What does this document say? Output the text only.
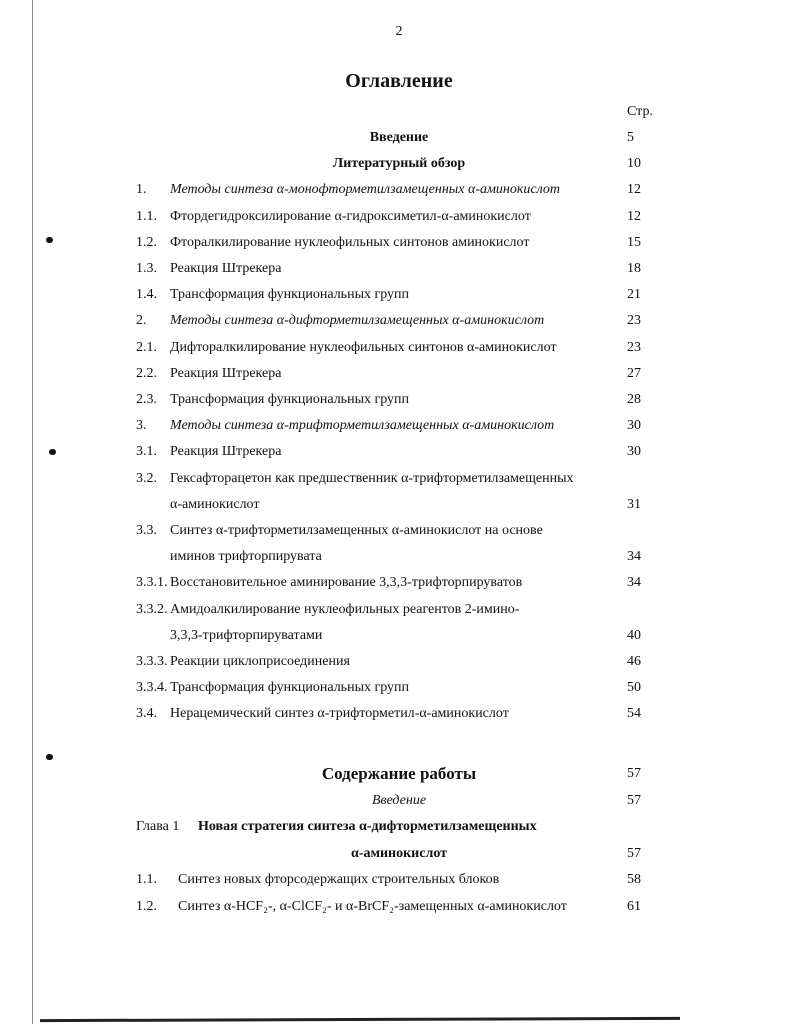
2
Оглавление
Стр.
Введение	5
Литературный обзор	10
1. Методы синтеза α-монофторметилзамещенных α-аминокислот	12
1.1. Фтордегидроксилирование α-гидроксиметил-α-аминокислот	12
1.2. Фторалкилирование нуклеофильных синтонов аминокислот	15
1.3. Реакция Штрекера	18
1.4. Трансформация функциональных групп	21
2. Методы синтеза α-дифторметилзамещенных α-аминокислот	23
2.1. Дифторалкилирование нуклеофильных синтонов α-аминокислот	23
2.2. Реакция Штрекера	27
2.3. Трансформация функциональных групп	28
3. Методы синтеза α-трифторметилзамещенных α-аминокислот	30
3.1. Реакция Штрекера	30
3.2. Гексафторацетон как предшественник α-трифторметилзамещенных
α-аминокислот	31
3.3. Синтез α-трифторметилзамещенных α-аминокислот на основе
иминов трифторпирувата	34
3.3.1. Восстановительное аминирование 3,3,3-трифторпируватов	34
3.3.2. Амидоалкилирование нуклеофильных реагентов 2-имино-
3,3,3-трифторпируватами	40
3.3.3. Реакции циклоприсоединения	46
3.3.4. Трансформация функциональных групп	50
3.4. Нерацемический синтез α-трифторметил-α-аминокислот	54
Содержание работы	57
Введение	57
Глава 1 Новая стратегия синтеза α-дифторметилзамещенных
α-аминокислот	57
1.1. Синтез новых фторсодержащих строительных блоков	58
1.2. Синтез α-HCF₂-, α-ClCF₂- и α-BrCF₂-замещенных α-аминокислот	61
